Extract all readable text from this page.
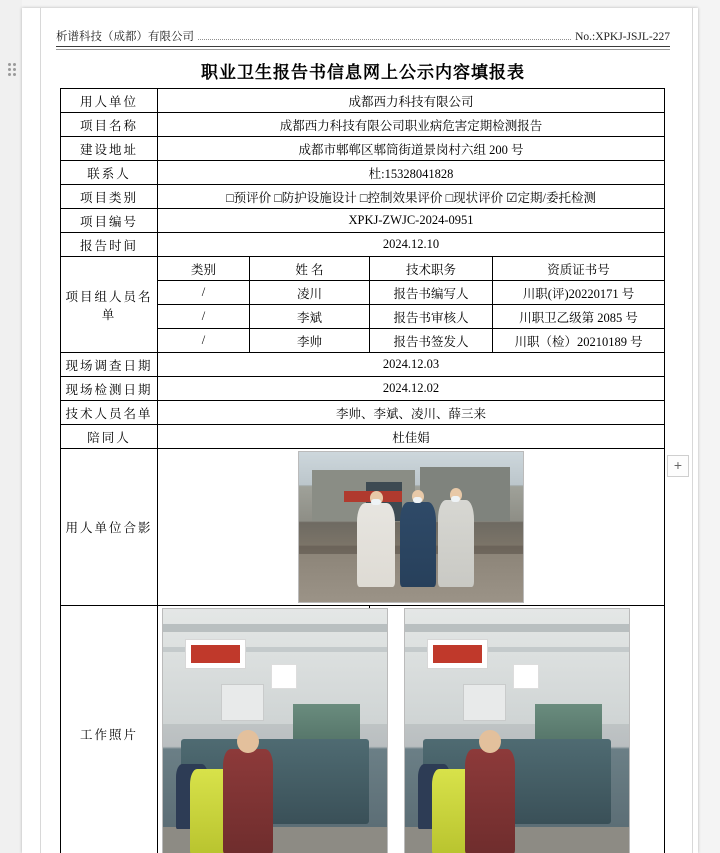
析谱科技（成都）有限公司	No.:XPKJ-JSJL-227
职业卫生报告书信息网上公示内容填报表
+
用人单位	成都西力科技有限公司			
项目名称	成都西力科技有限公司职业病危害定期检测报告			
建设地址	成都市郫郸区郫筒街道景岗村六组 200 号			
联系人	杜:15328041828			
项目类别	□预评价 □防护设施设计 □控制效果评价 □现状评价 ☑定期/委托检测			
项目编号	XPKJ-ZWJC-2024-0951			
报告时间	2024.12.10			
项目组人员名单	类别	姓 名	技术职务	资质证书号
	/	凌川	报告书编写人	川职(评)20220171 号
	/	李斌	报告书审核人	川职卫乙级第 2085 号
	/	李帅	报告书签发人	川职（检）20210189 号
现场调查日期	2024.12.03			
现场检测日期	2024.12.02			
技术人员名单	李帅、李斌、凌川、薛三来			
陪同人	杜佳娟			
用人单位合影				

工作照片			
